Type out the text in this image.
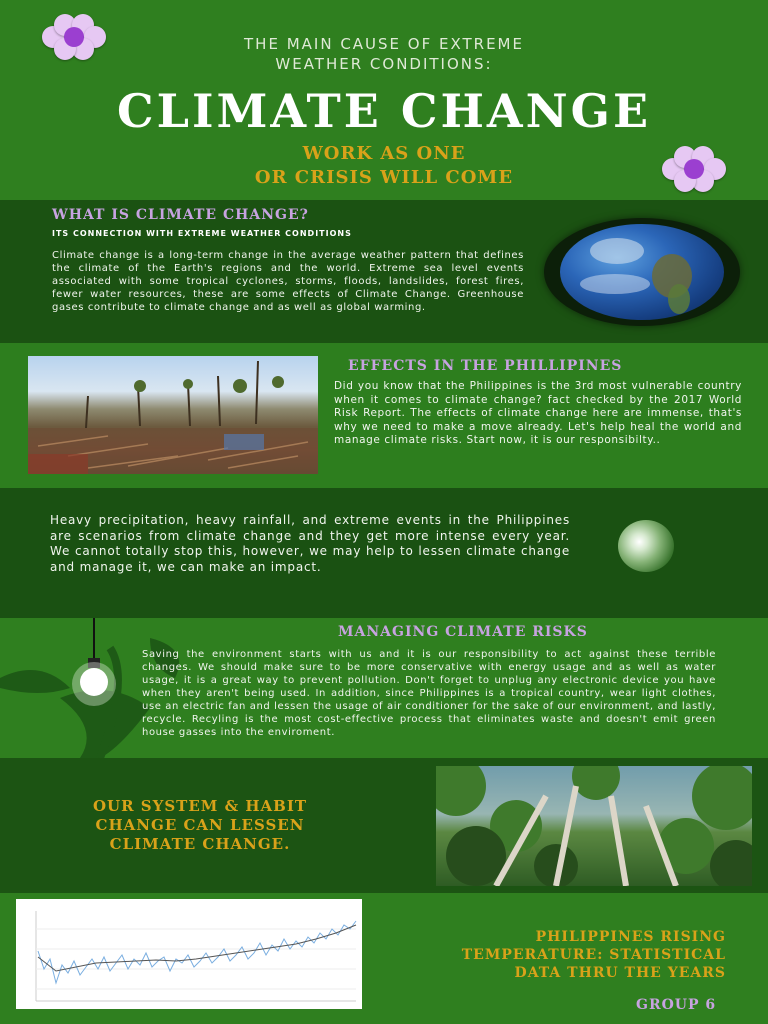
THE MAIN CAUSE OF EXTREME
WEATHER CONDITIONS:
CLIMATE CHANGE
WORK AS ONE
OR CRISIS WILL COME
WHAT IS CLIMATE CHANGE?
ITS CONNECTION WITH EXTREME WEATHER CONDITIONS
Climate change is a long-term change in the average weather pattern that defines the climate of the Earth's regions and the world. Extreme sea level events associated with some tropical cyclones, storms, floods, landslides, forest fires, fewer water resources, these are some effects of Climate Change. Greenhouse gases contribute to climate change and as well as global warming.
EFFECTS IN THE PHILLIPINES
Did you know that the Philippines is the 3rd most vulnerable country when it comes to climate change? fact checked by the 2017 World Risk Report. The effects of climate change here are immense, that's why we need to make a move already. Let's help heal the world and manage climate risks. Start now, it is our responsibilty..
Heavy precipitation, heavy rainfall, and extreme events in the Philippines are scenarios from climate change and they get more intense every year. We cannot totally stop this, however, we may help to lessen climate change and manage it, we can make an impact.
MANAGING CLIMATE RISKS
Saving the environment starts with us and it is our responsibility to act against these terrible changes. We should make sure to be more conservative with energy usage and as well as water usage, it is a great way to prevent pollution. Don't forget to unplug any electronic device you have when they aren't being used. In addition, since Philippines is a tropical country, wear light clothes, use an electric fan and lessen the usage of air conditioner for the sake of our environment, and lastly, recycle. Recyling is the most cost-effective process that eliminates waste and doesn't emit green house gasses into the enviroment.
OUR SYSTEM & HABIT
CHANGE CAN LESSEN
CLIMATE CHANGE.
PHILIPPINES RISING
TEMPERATURE: STATISTICAL
DATA THRU THE YEARS
GROUP 6
